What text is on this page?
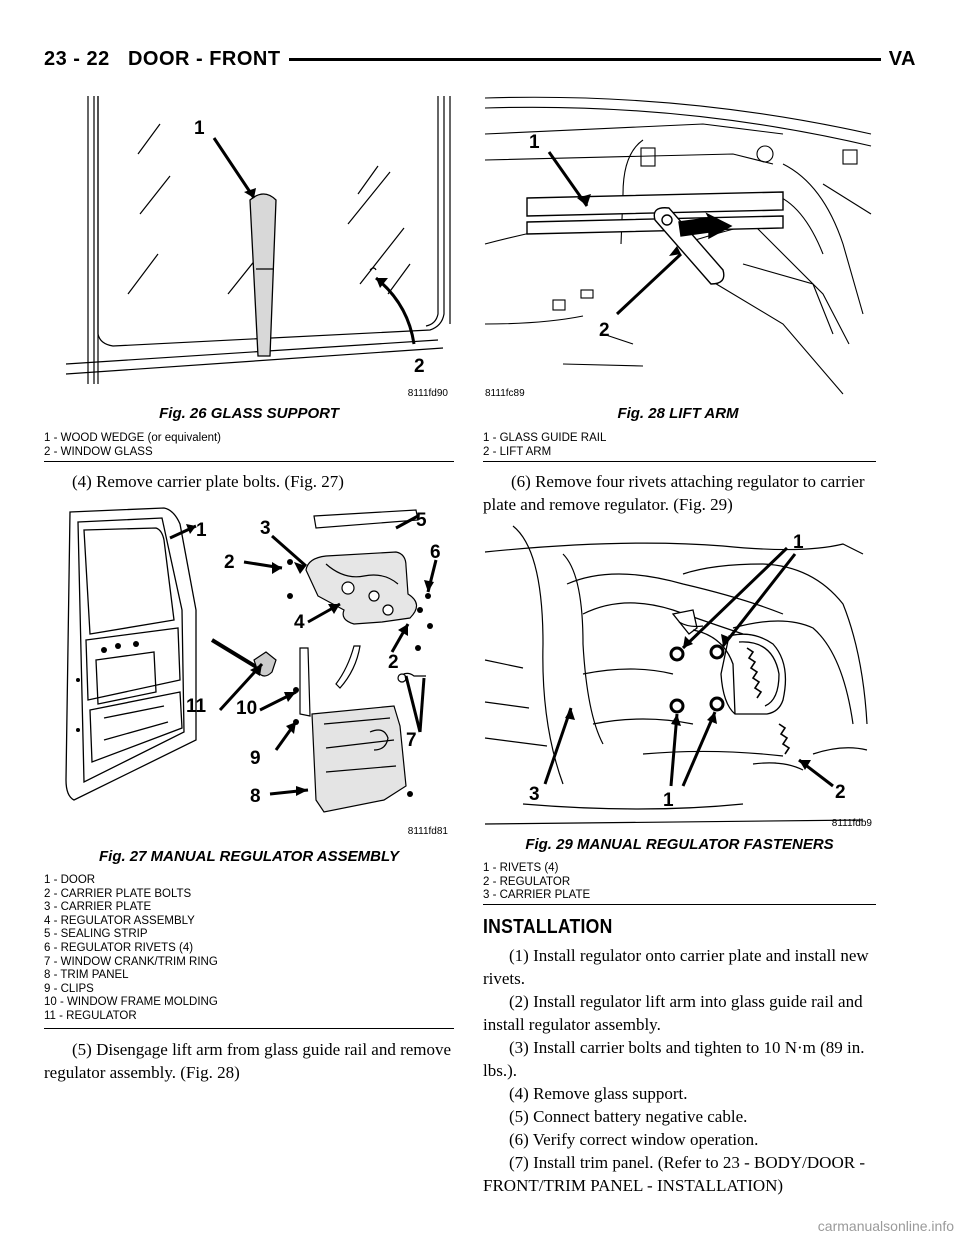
23 - 22 DOOR - FRONT	VA
1
2
8111fd90
Fig. 26 GLASS SUPPORT
1 - WOOD WEDGE (or equivalent)
2 - WINDOW GLASS
1
2
8111fc89
Fig. 28 LIFT ARM
1 - GLASS GUIDE RAIL
2 - LIFT ARM
(4) Remove carrier plate bolts. (Fig. 27)
1
2
3
4
5
6
2
7
8
9
10
11
8111fd81
Fig. 27 MANUAL REGULATOR ASSEMBLY
1 - DOOR
2 - CARRIER PLATE BOLTS
3 - CARRIER PLATE
4 - REGULATOR ASSEMBLY
5 - SEALING STRIP
6 - REGULATOR RIVETS (4)
7 - WINDOW CRANK/TRIM RING
8 - TRIM PANEL
9 - CLIPS
10 - WINDOW FRAME MOLDING
11 - REGULATOR
(5) Disengage lift arm from glass guide rail and remove regulator assembly. (Fig. 28)
(6) Remove four rivets attaching regulator to carrier plate and remove regulator. (Fig. 29)
1
1
3	2
8111fdb9
Fig. 29 MANUAL REGULATOR FASTENERS
1 - RIVETS (4)
2 - REGULATOR
3 - CARRIER PLATE
INSTALLATION
(1) Install regulator onto carrier plate and install new rivets.
(2) Install regulator lift arm into glass guide rail and install regulator assembly.
(3) Install carrier bolts and tighten to 10 N·m (89 in. lbs.).
(4) Remove glass support.
(5) Connect battery negative cable.
(6) Verify correct window operation.
(7) Install trim panel. (Refer to 23 - BODY/DOOR - FRONT/TRIM PANEL - INSTALLATION)
carmanualsonline.info
